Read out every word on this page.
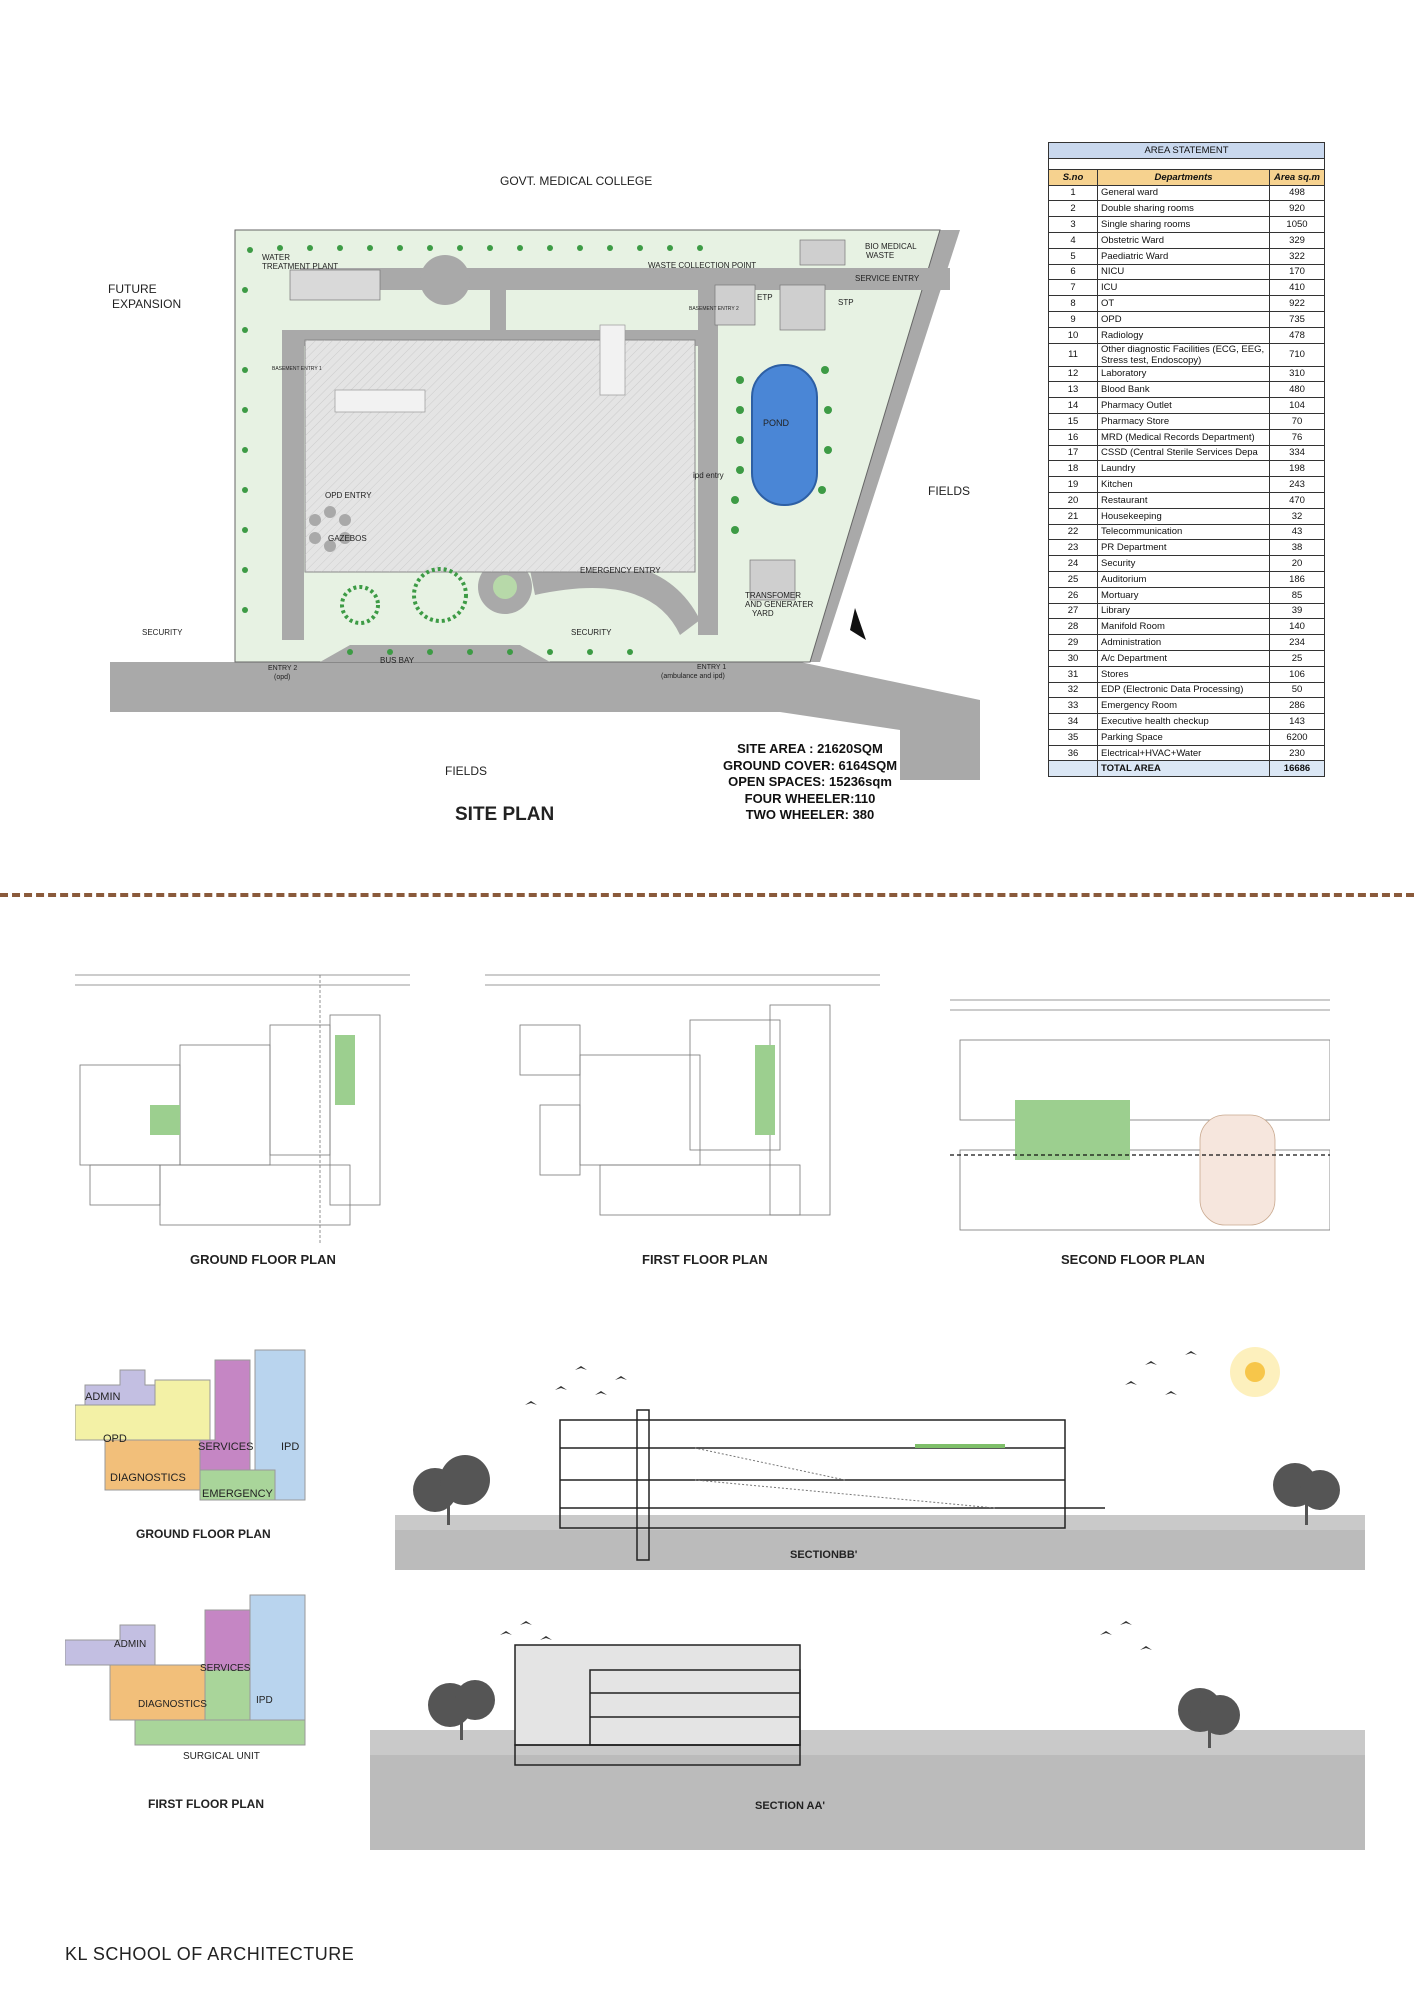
GOVT. MEDICAL COLLEGE
FUTURE
EXPANSION
FIELDS
FIELDS
WATER
TREATMENT PLANT	WASTE COLLECTION POINT
BIO MEDICAL
WASTE
SERVICE ENTRY
ETP
STP
POND
ipd entry
OPD ENTRY
GAZEBOS
EMERGENCY ENTRY
TRANSFOMER
AND GENERATER
YARD
SECURITY	SECURITY
BUS BAY
ENTRY 2
(opd)
ENTRY 1
(ambulance and ipd)
BASEMENT ENTRY 1
BASEMENT ENTRY 2
SITE PLAN
SITE AREA : 21620SQM
GROUND COVER: 6164SQM
OPEN SPACES: 15236sqm
FOUR WHEELER:110
TWO WHEELER: 380
AREA STATEMENT		

S.no	Departments	Area sq.m
1	General ward	498
2	Double sharing rooms	920
3	Single sharing rooms	1050
4	Obstetric Ward	329
5	Paediatric Ward	322
6	NICU	170
7	ICU	410
8	OT	922
9	OPD	735
10	Radiology	478
11	Other diagnostic Facilities (ECG, EEG, Stress test, Endoscopy)	710
12	Laboratory	310
13	Blood Bank	480
14	Pharmacy Outlet	104
15	Pharmacy Store	70
16	MRD (Medical Records Department)	76
17	CSSD (Central Sterile Services Depa	334
18	Laundry	198
19	Kitchen	243
20	Restaurant	470
21	Housekeeping	32
22	Telecommunication	43
23	PR Department	38
24	Security	20
25	Auditorium	186
26	Mortuary	85
27	Library	39
28	Manifold Room	140
29	Administration	234
30	A/c Department	25
31	Stores	106
32	EDP (Electronic Data Processing)	50
33	Emergency Room	286
34	Executive health checkup	143
35	Parking Space	6200
36	Electrical+HVAC+Water	230
	TOTAL AREA	16686
GROUND FLOOR PLAN	FIRST FLOOR PLAN	SECOND FLOOR PLAN
ADMIN
OPD
SERVICES	IPD
DIAGNOSTICS
EMERGENCY
GROUND FLOOR PLAN
ADMIN
SERVICES
DIAGNOSTICS	IPD
SURGICAL UNIT
FIRST FLOOR PLAN
SECTIONBB'
SECTION AA'
KL SCHOOL OF ARCHITECTURE
